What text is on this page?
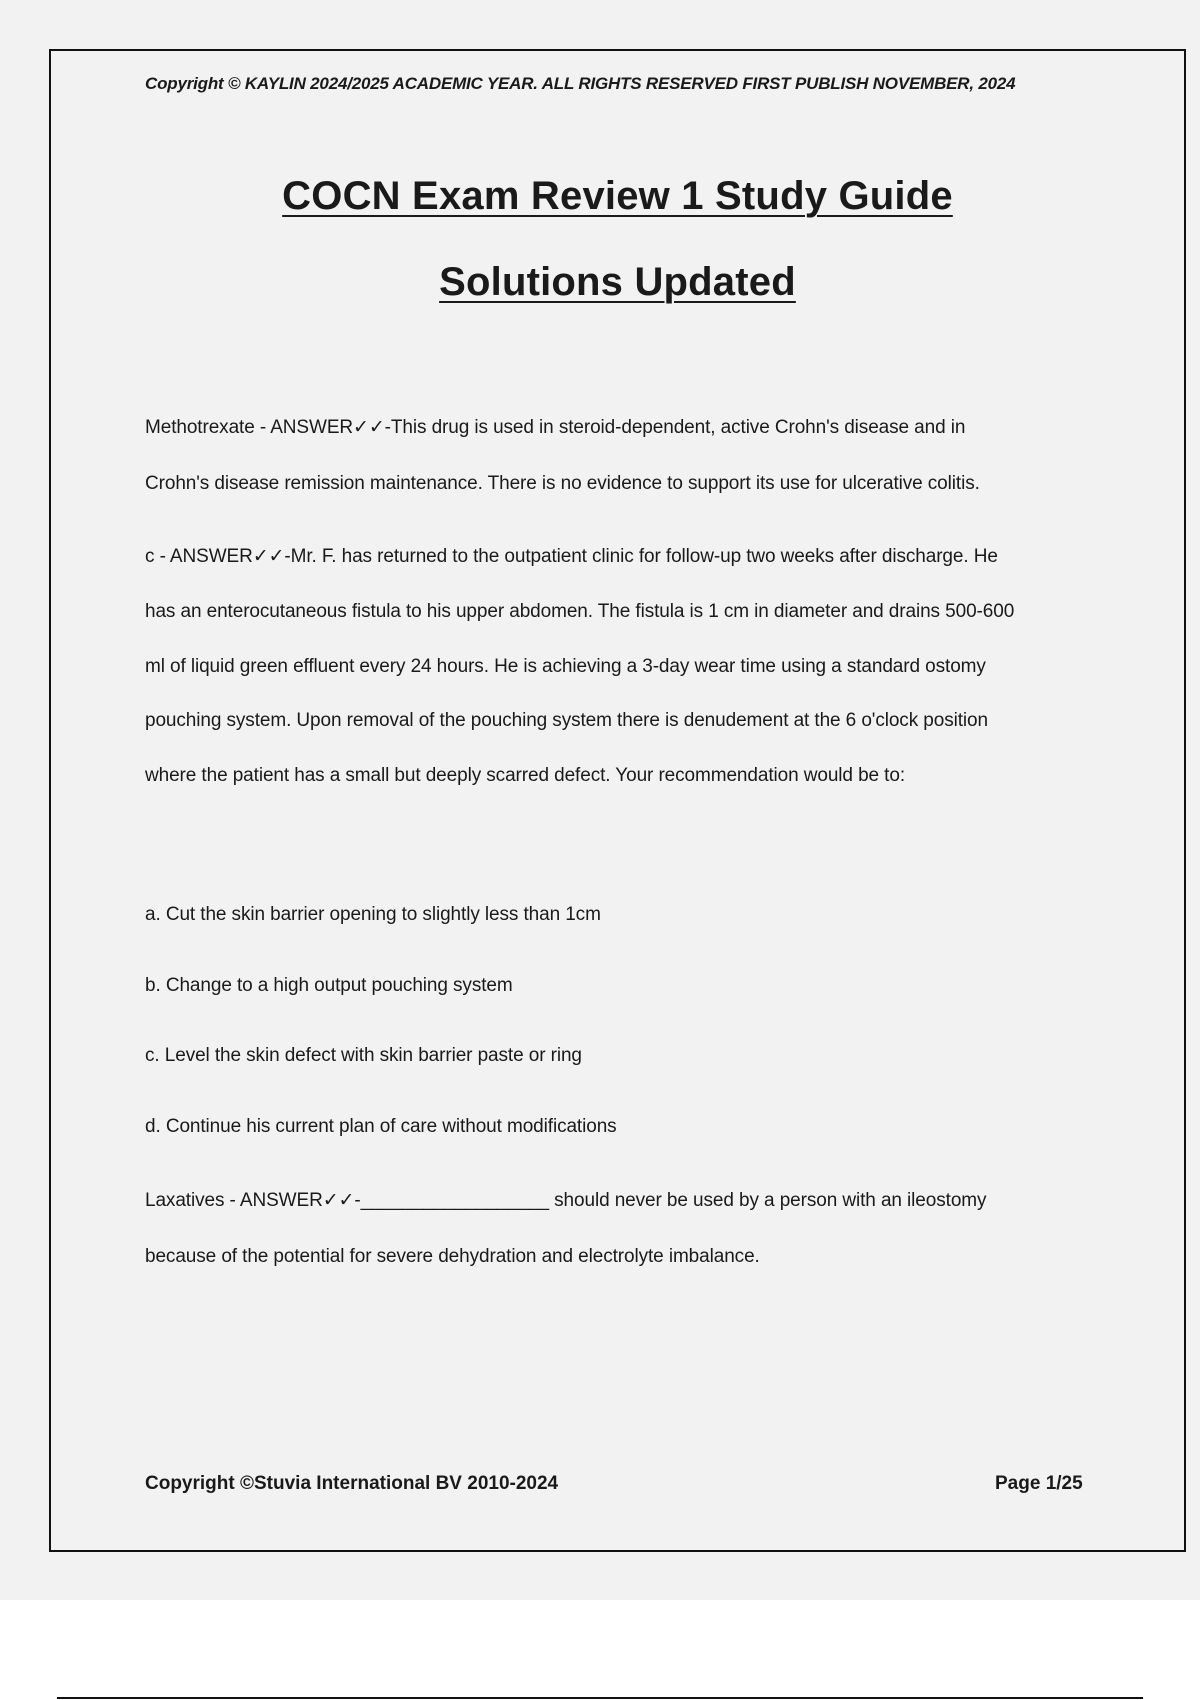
Copyright © KAYLIN 2024/2025 ACADEMIC YEAR. ALL RIGHTS RESERVED FIRST PUBLISH NOVEMBER, 2024
COCN Exam Review 1 Study Guide
Solutions Updated
Methotrexate - ANSWER✓✓-This drug is used in steroid-dependent, active Crohn's disease and in
Crohn's disease remission maintenance. There is no evidence to support its use for ulcerative colitis.
c - ANSWER✓✓-Mr. F. has returned to the outpatient clinic for follow-up two weeks after discharge. He
has an enterocutaneous fistula to his upper abdomen. The fistula is 1 cm in diameter and drains 500-600
ml of liquid green effluent every 24 hours. He is achieving a 3-day wear time using a standard ostomy
pouching system. Upon removal of the pouching system there is denudement at the 6 o'clock position
where the patient has a small but deeply scarred defect. Your recommendation would be to:
a. Cut the skin barrier opening to slightly less than 1cm
b. Change to a high output pouching system
c. Level the skin defect with skin barrier paste or ring
d. Continue his current plan of care without modifications
Laxatives - ANSWER✓✓-__________________ should never be used by a person with an ileostomy
because of the potential for severe dehydration and electrolyte imbalance.
Copyright ©Stuvia International BV 2010-2024	Page 1/25
